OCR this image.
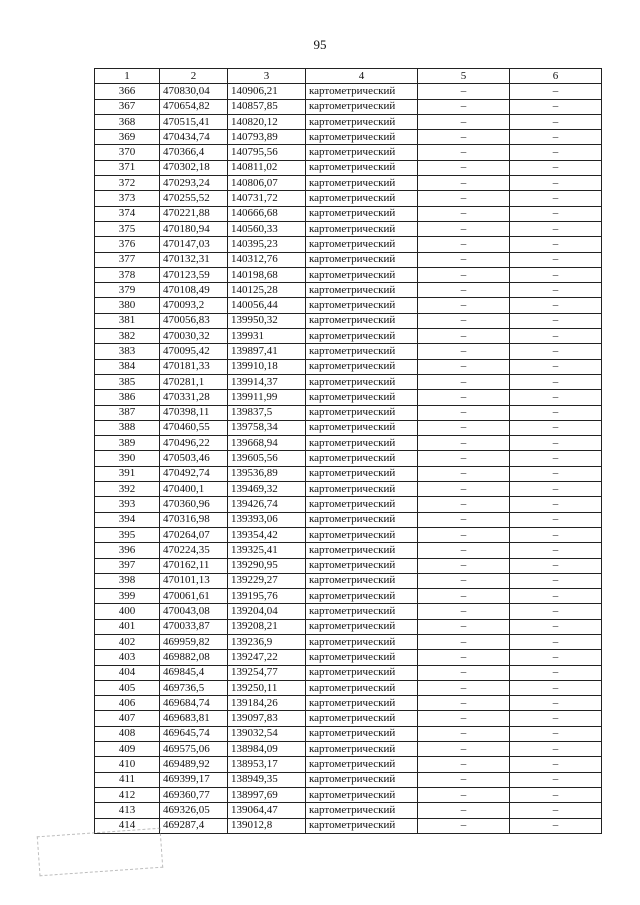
95
1	2	3	4	5	6
366	470830,04	140906,21	картометрический	–	–
367	470654,82	140857,85	картометрический	–	–
368	470515,41	140820,12	картометрический	–	–
369	470434,74	140793,89	картометрический	–	–
370	470366,4	140795,56	картометрический	–	–
371	470302,18	140811,02	картометрический	–	–
372	470293,24	140806,07	картометрический	–	–
373	470255,52	140731,72	картометрический	–	–
374	470221,88	140666,68	картометрический	–	–
375	470180,94	140560,33	картометрический	–	–
376	470147,03	140395,23	картометрический	–	–
377	470132,31	140312,76	картометрический	–	–
378	470123,59	140198,68	картометрический	–	–
379	470108,49	140125,28	картометрический	–	–
380	470093,2	140056,44	картометрический	–	–
381	470056,83	139950,32	картометрический	–	–
382	470030,32	139931	картометрический	–	–
383	470095,42	139897,41	картометрический	–	–
384	470181,33	139910,18	картометрический	–	–
385	470281,1	139914,37	картометрический	–	–
386	470331,28	139911,99	картометрический	–	–
387	470398,11	139837,5	картометрический	–	–
388	470460,55	139758,34	картометрический	–	–
389	470496,22	139668,94	картометрический	–	–
390	470503,46	139605,56	картометрический	–	–
391	470492,74	139536,89	картометрический	–	–
392	470400,1	139469,32	картометрический	–	–
393	470360,96	139426,74	картометрический	–	–
394	470316,98	139393,06	картометрический	–	–
395	470264,07	139354,42	картометрический	–	–
396	470224,35	139325,41	картометрический	–	–
397	470162,11	139290,95	картометрический	–	–
398	470101,13	139229,27	картометрический	–	–
399	470061,61	139195,76	картометрический	–	–
400	470043,08	139204,04	картометрический	–	–
401	470033,87	139208,21	картометрический	–	–
402	469959,82	139236,9	картометрический	–	–
403	469882,08	139247,22	картометрический	–	–
404	469845,4	139254,77	картометрический	–	–
405	469736,5	139250,11	картометрический	–	–
406	469684,74	139184,26	картометрический	–	–
407	469683,81	139097,83	картометрический	–	–
408	469645,74	139032,54	картометрический	–	–
409	469575,06	138984,09	картометрический	–	–
410	469489,92	138953,17	картометрический	–	–
411	469399,17	138949,35	картометрический	–	–
412	469360,77	138997,69	картометрический	–	–
413	469326,05	139064,47	картометрический	–	–
414	469287,4	139012,8	картометрический	–	–
